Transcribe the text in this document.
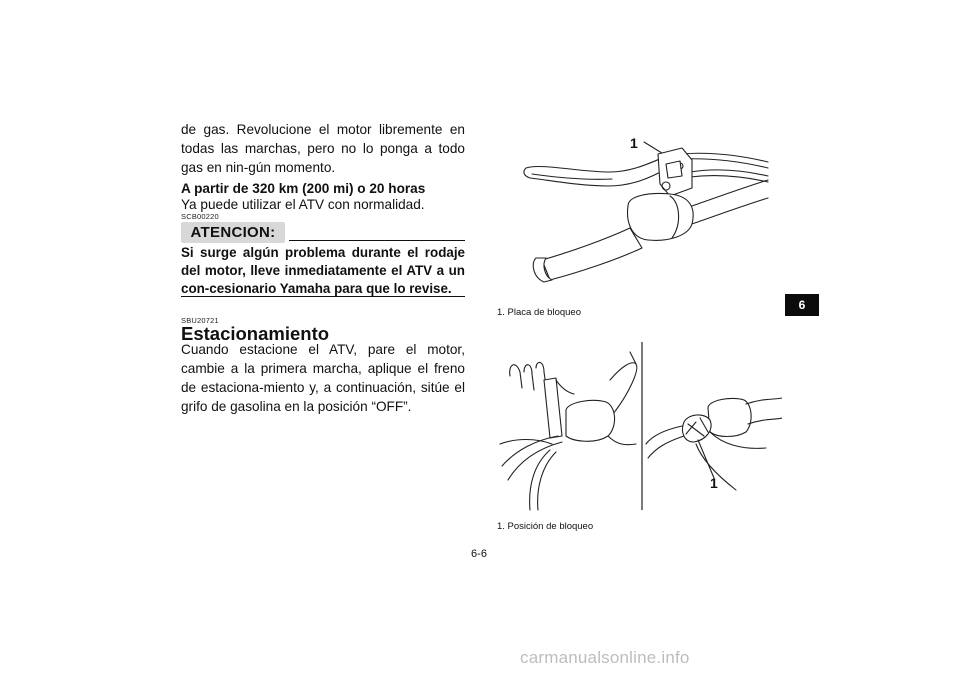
de gas. Revolucione el motor libremente en todas las marchas, pero no lo ponga a todo gas en nin-gún momento.
A partir de 320 km (200 mi) o 20 horas
Ya puede utilizar el ATV con normalidad.
SCB00220
ATENCION:
Si surge algún problema durante el rodaje del motor, lleve inmediatamente el ATV a un con-cesionario Yamaha para que lo revise.
SBU20721
Estacionamiento
Cuando estacione el ATV, pare el motor, cambie a la primera marcha, aplique el freno de estaciona-miento y, a continuación, sitúe el grifo de gasolina en la posición “OFF”.
1
1. Placa de bloqueo
1
1. Posición de bloqueo
6-6
6
carmanualsonline.info
